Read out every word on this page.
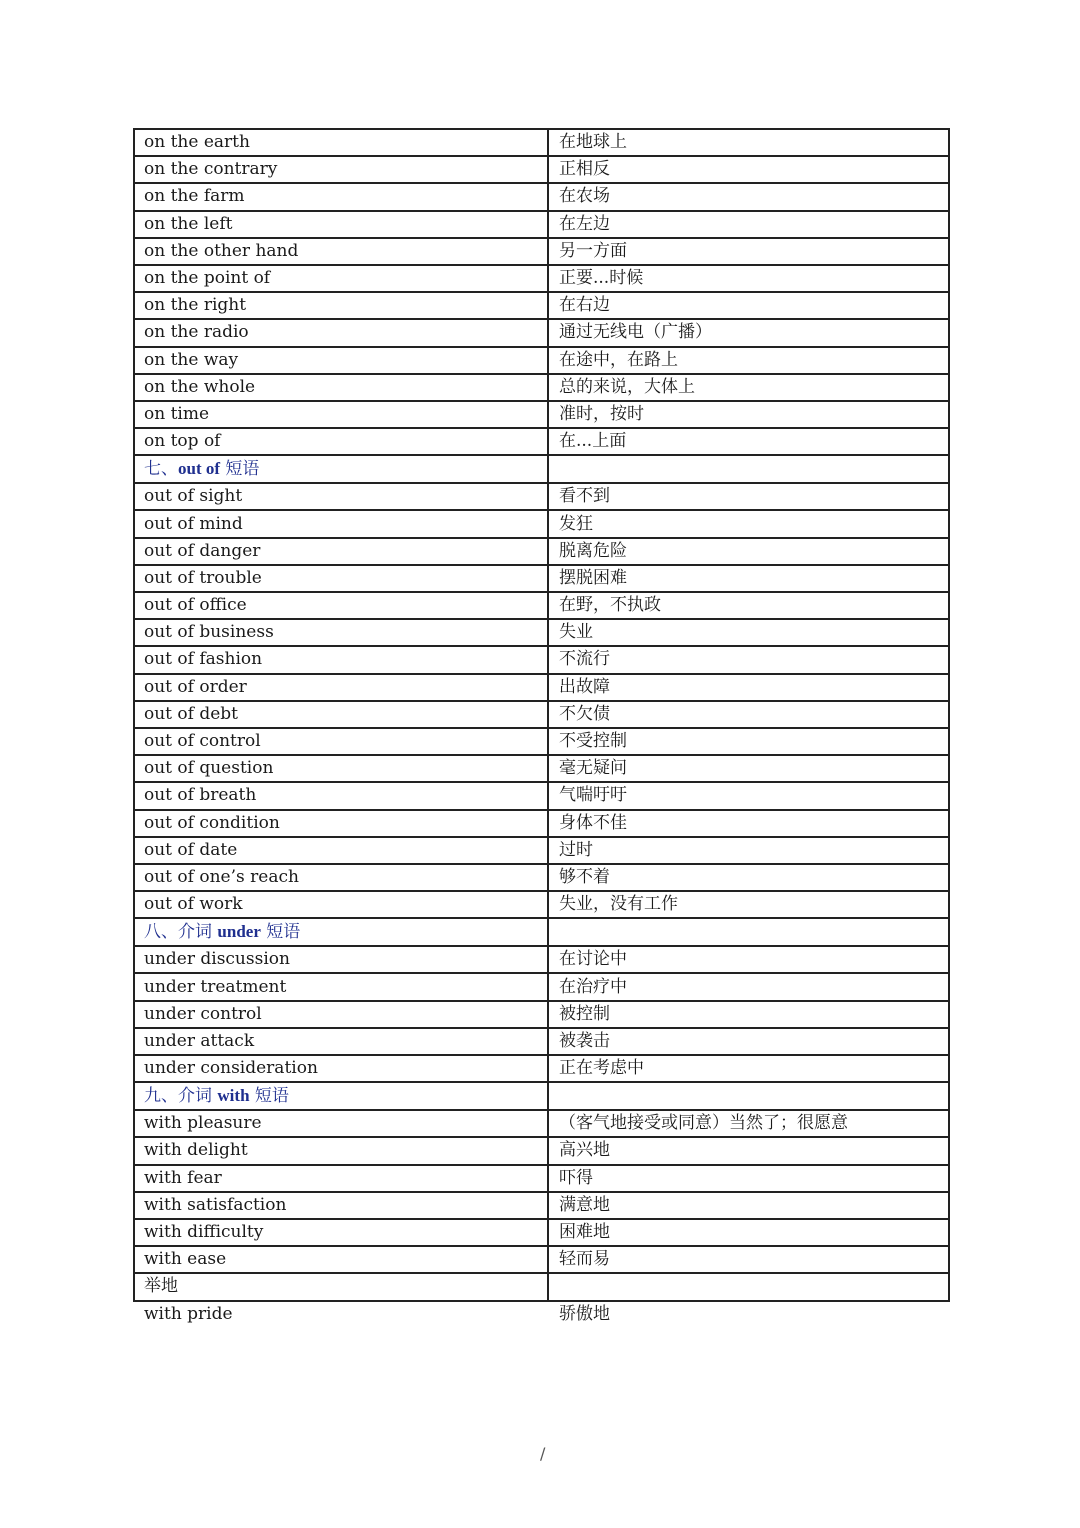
on the earth	在地球上
on the contrary	正相反
on the farm	在农场
on the left	在左边
on the other hand	另一方面
on the point of	正要...时候
on the right	在右边
on the radio	通过无线电（广播）
on the way	在途中，在路上
on the whole	总的来说，大体上
on time	准时，按时
on top of	在...上面
七、out of 短语	
out of sight	看不到
out of mind	发狂
out of danger	脱离危险
out of trouble	摆脱困难
out of office	在野，不执政
out of business	失业
out of fashion	不流行
out of order	出故障
out of debt	不欠债
out of control	不受控制
out of question	毫无疑问
out of breath	气喘吁吁
out of condition	身体不佳
out of date	过时
out of one’s reach	够不着
out of work	失业，没有工作
八、介词 under 短语	
under discussion	在讨论中
under treatment	在治疗中
under control	被控制
under attack	被袭击
under consideration	正在考虑中
九、介词 with 短语	
with pleasure	（客气地接受或同意）当然了；很愿意
with delight	高兴地
with fear	吓得
with satisfaction	满意地
with difficulty	困难地
with ease	轻而易
举地	
with pride	骄傲地
/
